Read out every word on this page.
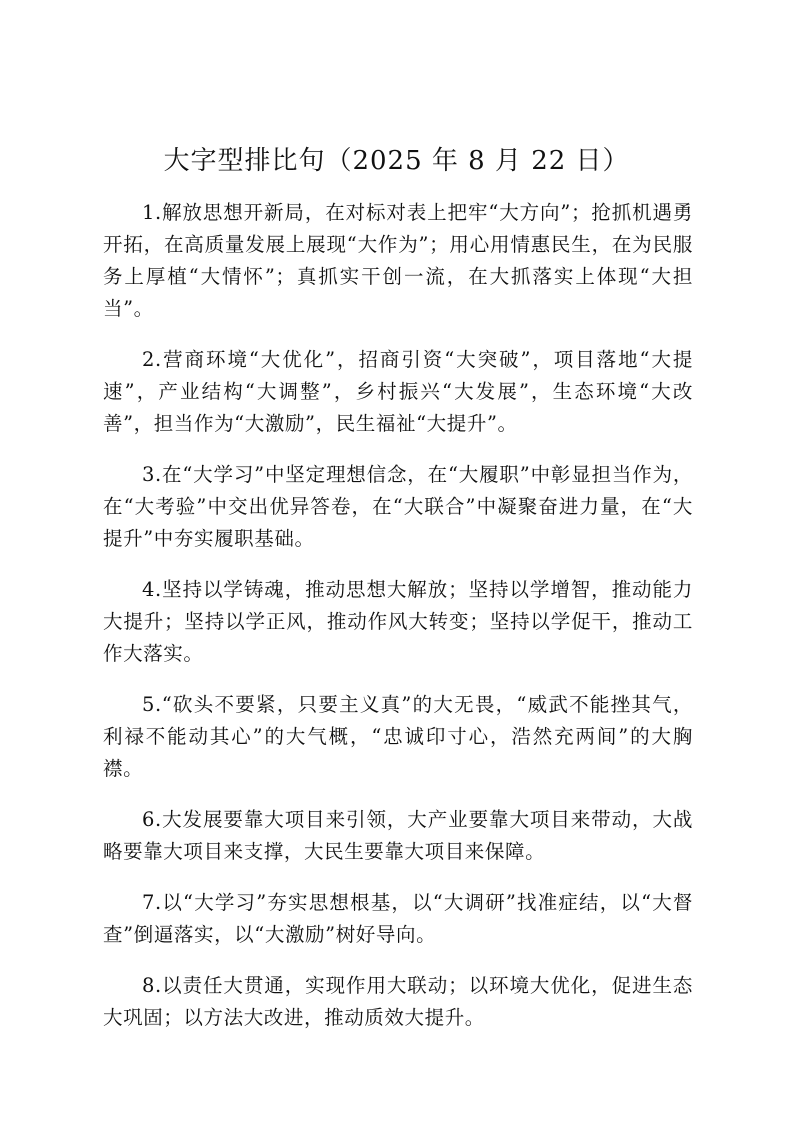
大字型排比句（2025 年 8 月 22 日）

1.解放思想开新局，在对标对表上把牢“大方向”；抢抓机遇勇开拓，在高质量发展上展现“大作为”；用心用情惠民生，在为民服务上厚植“大情怀”；真抓实干创一流，在大抓落实上体现“大担当”。

2.营商环境“大优化”，招商引资“大突破”，项目落地“大提速”，产业结构“大调整”，乡村振兴“大发展”，生态环境“大改善”，担当作为“大激励”，民生福祉“大提升”。

3.在“大学习”中坚定理想信念，在“大履职”中彰显担当作为，在“大考验”中交出优异答卷，在“大联合”中凝聚奋进力量，在“大提升”中夯实履职基础。

4.坚持以学铸魂，推动思想大解放；坚持以学增智，推动能力大提升；坚持以学正风，推动作风大转变；坚持以学促干，推动工作大落实。

5.“砍头不要紧，只要主义真”的大无畏，“威武不能挫其气，利禄不能动其心”的大气概，“忠诚印寸心，浩然充两间”的大胸襟。

6.大发展要靠大项目来引领，大产业要靠大项目来带动，大战略要靠大项目来支撑，大民生要靠大项目来保障。

7.以“大学习”夯实思想根基，以“大调研”找准症结，以“大督查”倒逼落实，以“大激励”树好导向。

8.以责任大贯通，实现作用大联动；以环境大优化，促进生态大巩固；以方法大改进，推动质效大提升。
